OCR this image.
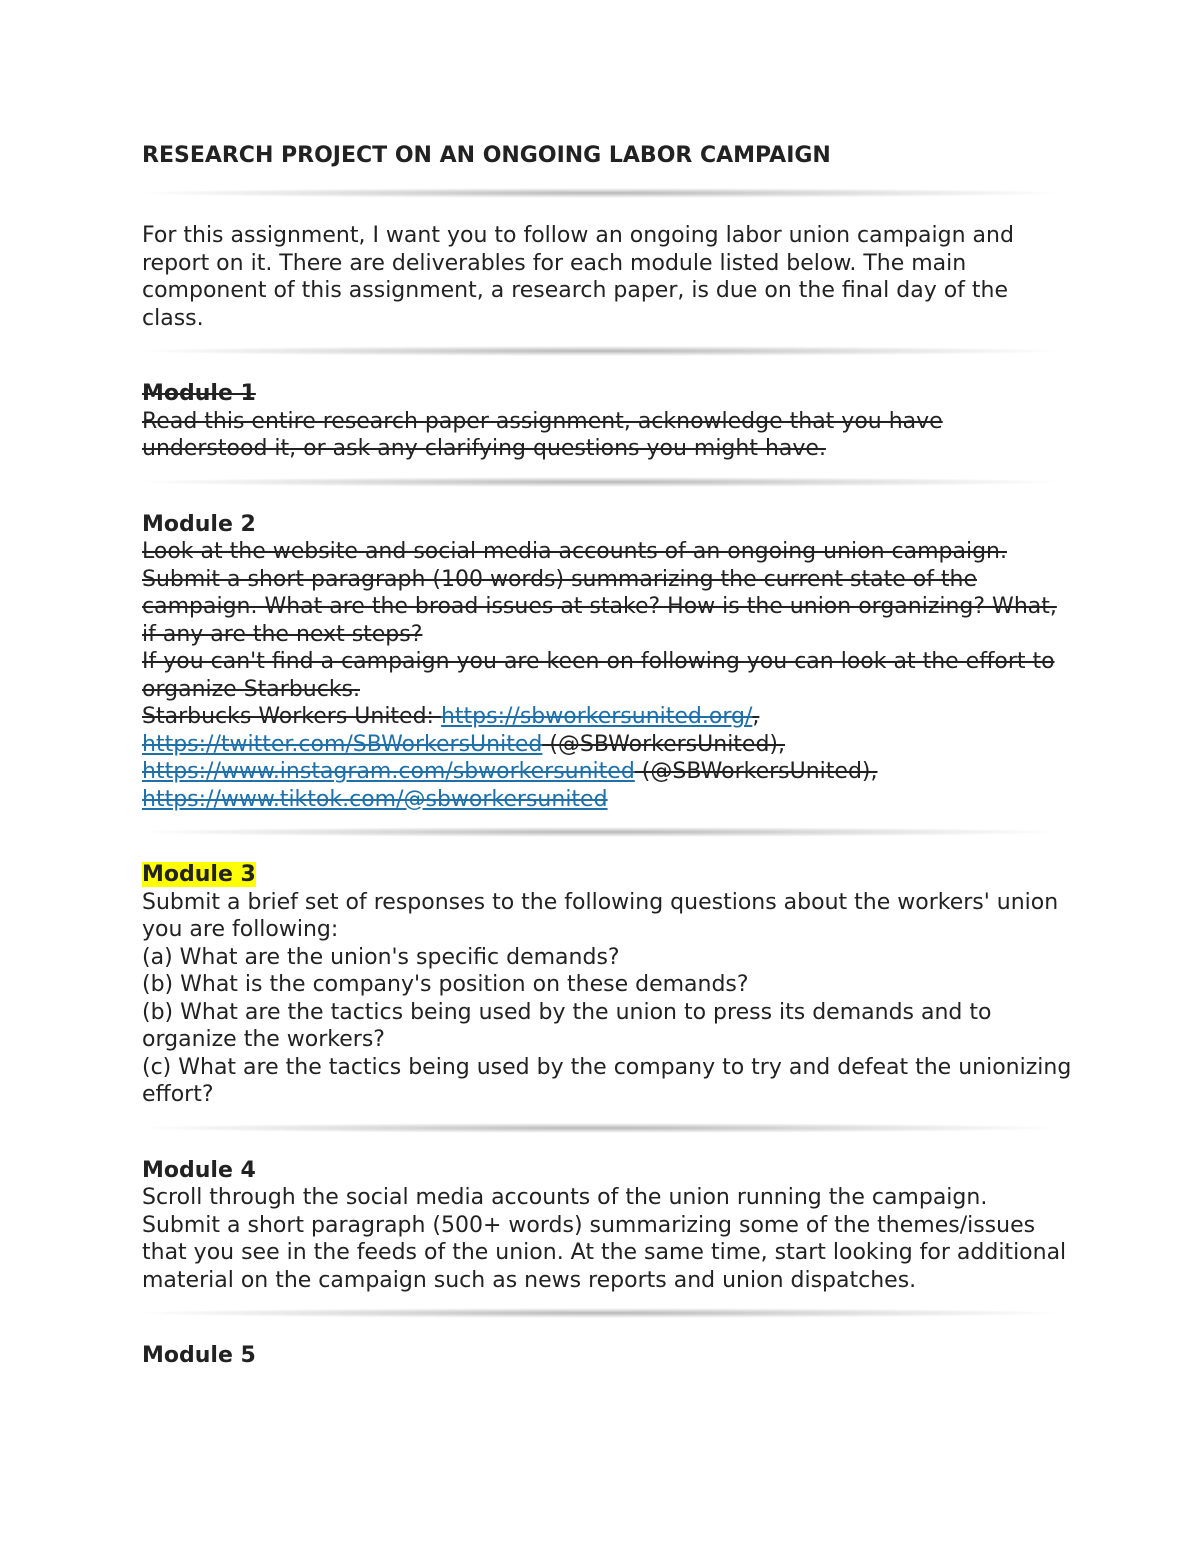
RESEARCH PROJECT ON AN ONGOING LABOR CAMPAIGN

For this assignment, I want you to follow an ongoing labor union campaign and report on it. There are deliverables for each module listed below. The main component of this assignment, a research paper, is due on the final day of the class.

Module 1

Read this entire research paper assignment, acknowledge that you have understood it, or ask any clarifying questions you might have.

Module 2

Look at the website and social media accounts of an ongoing union campaign. Submit a short paragraph (100 words) summarizing the current state of the campaign. What are the broad issues at stake? How is the union organizing? What, if any are the next steps?

If you can't find a campaign you are keen on following you can look at the effort to organize Starbucks.

Starbucks Workers United: https://sbworkersunited.org/,
https://twitter.com/SBWorkersUnited (@SBWorkersUnited),
https://www.instagram.com/sbworkersunited (@SBWorkersUnited),
https://www.tiktok.com/@sbworkersunited

Module 3

Submit a brief set of responses to the following questions about the workers' union you are following:

(a) What are the union's specific demands?

(b) What is the company's position on these demands?

(b) What are the tactics being used by the union to press its demands and to organize the workers?

(c) What are the tactics being used by the company to try and defeat the unionizing effort?

Module 4

Scroll through the social media accounts of the union running the campaign. Submit a short paragraph (500+ words) summarizing some of the themes/issues that you see in the feeds of the union. At the same time, start looking for additional material on the campaign such as news reports and union dispatches.

Module 5
